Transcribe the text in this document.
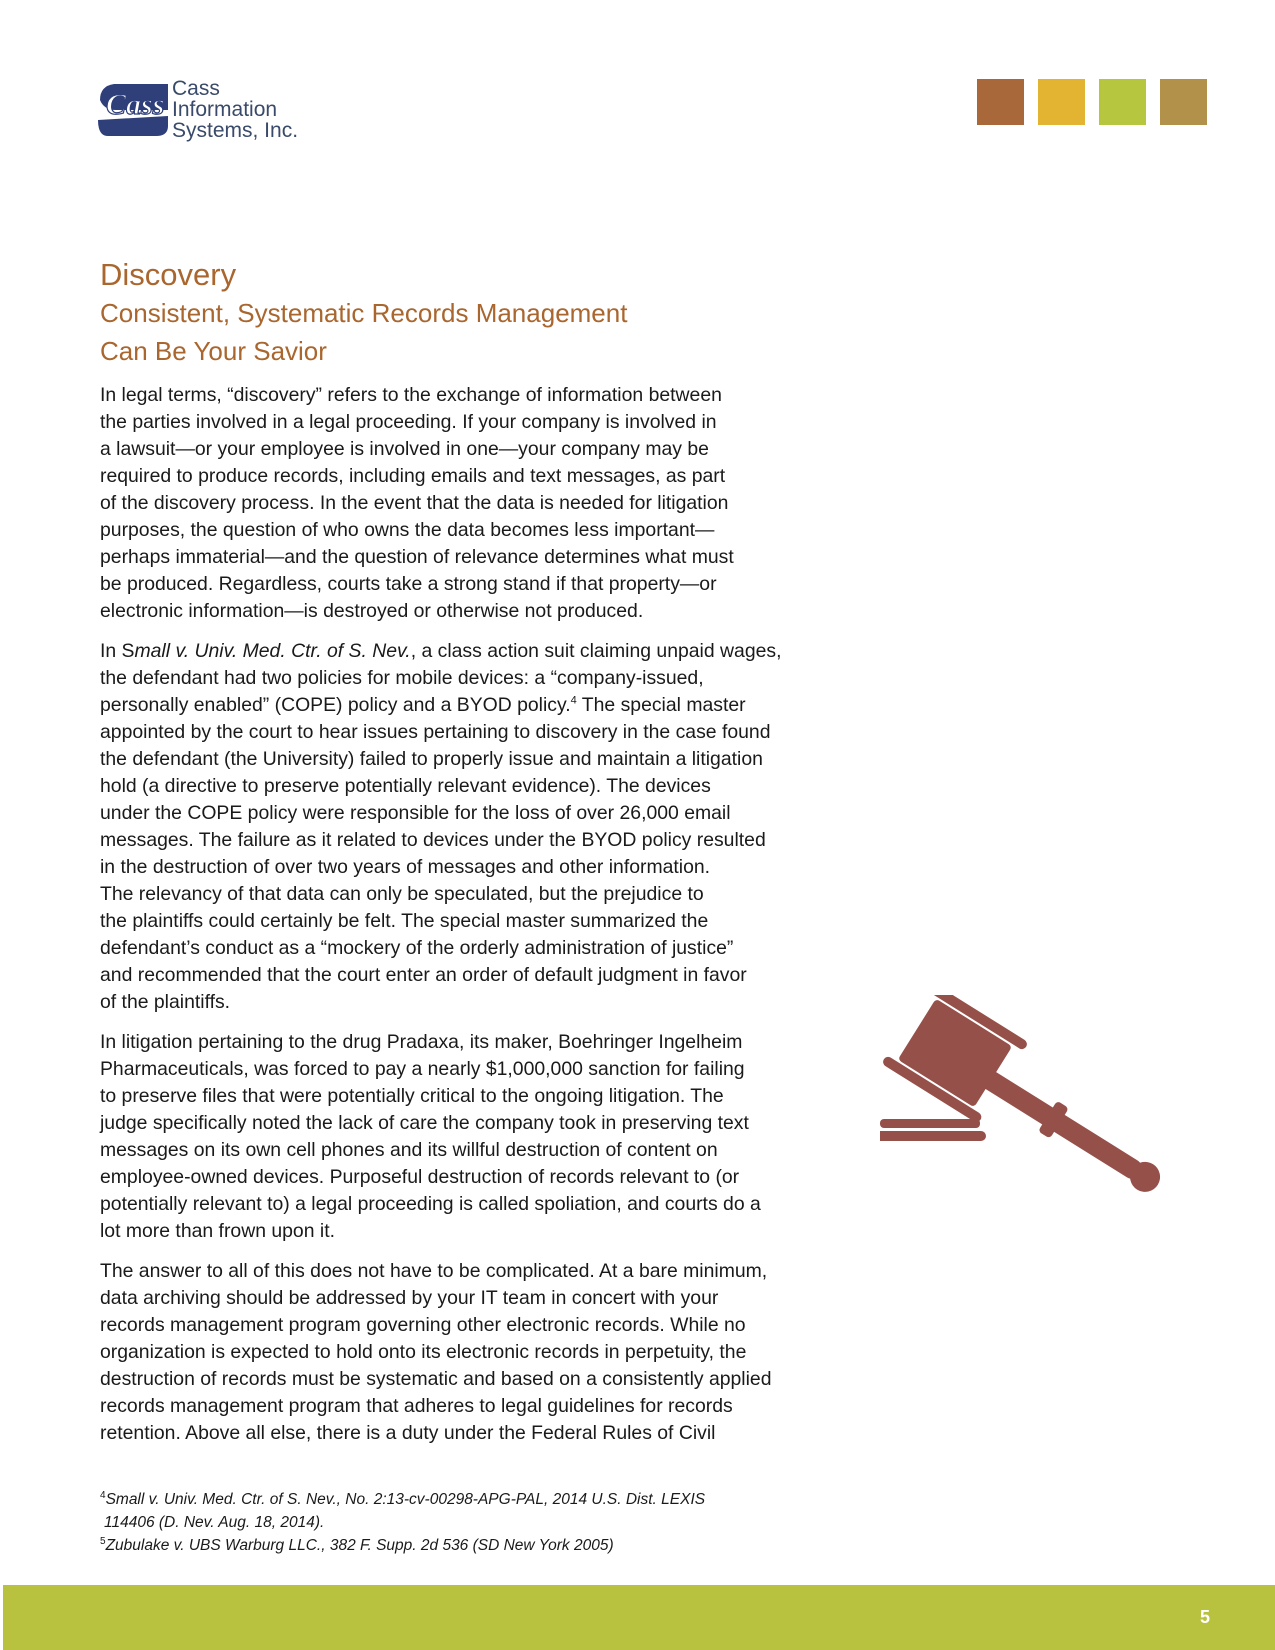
Cass Cass
Information
Systems, Inc.
Discovery
Consistent, Systematic Records Management
Can Be Your Savior

In legal terms, “discovery” refers to the exchange of information between
the parties involved in a legal proceeding. If your company is involved in
a lawsuit—or your employee is involved in one—your company may be
required to produce records, including emails and text messages, as part
of the discovery process. In the event that the data is needed for litigation
purposes, the question of who owns the data becomes less important—
perhaps immaterial—and the question of relevance determines what must
be produced. Regardless, courts take a strong stand if that property—or
electronic information—is destroyed or otherwise not produced.

In Small v. Univ. Med. Ctr. of S. Nev., a class action suit claiming unpaid wages,
the defendant had two policies for mobile devices: a “company-issued,
personally enabled” (COPE) policy and a BYOD policy.$^4$ The special master
appointed by the court to hear issues pertaining to discovery in the case found
the defendant (the University) failed to properly issue and maintain a litigation
hold (a directive to preserve potentially relevant evidence). The devices
under the COPE policy were responsible for the loss of over 26,000 email
messages. The failure as it related to devices under the BYOD policy resulted
in the destruction of over two years of messages and other information.
The relevancy of that data can only be speculated, but the prejudice to
the plaintiffs could certainly be felt. The special master summarized the
defendant’s conduct as a “mockery of the orderly administration of justice”
and recommended that the court enter an order of default judgment in favor
of the plaintiffs.

In litigation pertaining to the drug Pradaxa, its maker, Boehringer Ingelheim
Pharmaceuticals, was forced to pay a nearly $1,000,000 sanction for failing
to preserve files that were potentially critical to the ongoing litigation. The
judge specifically noted the lack of care the company took in preserving text
messages on its own cell phones and its willful destruction of content on
employee-owned devices. Purposeful destruction of records relevant to (or
potentially relevant to) a legal proceeding is called spoliation, and courts do a
lot more than frown upon it.

The answer to all of this does not have to be complicated. At a bare minimum,
data archiving should be addressed by your IT team in concert with your
records management program governing other electronic records. While no
organization is expected to hold onto its electronic records in perpetuity, the
destruction of records must be systematic and based on a consistently applied
records management program that adheres to legal guidelines for records
retention. Above all else, there is a duty under the Federal Rules of Civil

$^4$Small v. Univ. Med. Ctr. of S. Nev., No. 2:13-cv-00298-APG-PAL, 2014 U.S. Dist. LEXIS
114406 (D. Nev. Aug. 18, 2014).
$^5$Zubulake v. UBS Warburg LLC., 382 F. Supp. 2d 536 (SD New York 2005)
5
